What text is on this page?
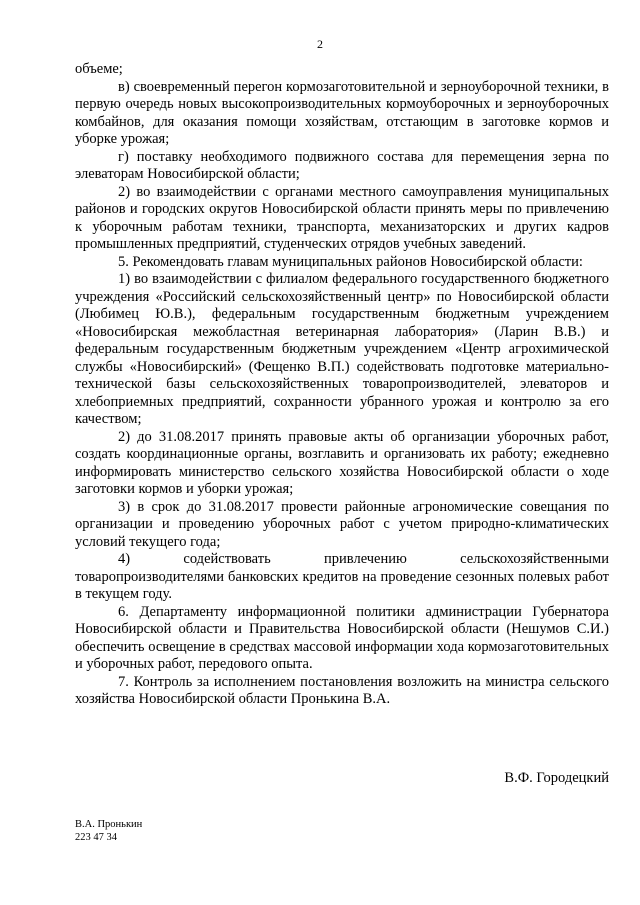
2

объеме;

в) своевременный перегон кормозаготовительной и зерноуборочной техники, в первую очередь новых высокопроизводительных кормоуборочных и зерноуборочных комбайнов, для оказания помощи хозяйствам, отстающим в заготовке кормов и уборке урожая;

г) поставку необходимого подвижного состава для перемещения зерна по элеваторам Новосибирской области;

2) во взаимодействии с органами местного самоуправления муниципальных районов и городских округов Новосибирской области принять меры по привлечению к уборочным работам техники, транспорта, механизаторских и других кадров промышленных предприятий, студенческих отрядов учебных заведений.

5. Рекомендовать главам муниципальных районов Новосибирской области:

1) во взаимодействии с филиалом федерального государственного бюджетного учреждения «Российский сельскохозяйственный центр» по Новосибирской области (Любимец Ю.В.), федеральным государственным бюджетным учреждением «Новосибирская межобластная ветеринарная лаборатория» (Ларин В.В.) и федеральным государственным бюджетным учреждением «Центр агрохимической службы «Новосибирский» (Фещенко В.П.) содействовать подготовке материально-технической базы сельскохозяйственных товаропроизводителей, элеваторов и хлебоприемных предприятий, сохранности убранного урожая и контролю за его качеством;

2) до 31.08.2017 принять правовые акты об организации уборочных работ, создать координационные органы, возглавить и организовать их работу; ежедневно информировать министерство сельского хозяйства Новосибирской области о ходе заготовки кормов и уборки урожая;

3) в срок до 31.08.2017 провести районные агрономические совещания по организации и проведению уборочных работ с учетом природно-климатических условий текущего года;

4) содействовать привлечению сельскохозяйственными товаропроизводителями банковских кредитов на проведение сезонных полевых работ в текущем году.

6. Департаменту информационной политики администрации Губернатора Новосибирской области и Правительства Новосибирской области (Нешумов С.И.) обеспечить освещение в средствах массовой информации хода кормозаготовительных и уборочных работ, передового опыта.

7. Контроль за исполнением постановления возложить на министра сельского хозяйства Новосибирской области Пронькина В.А.

В.Ф. Городецкий
В.А. Пронькин
223 47 34
